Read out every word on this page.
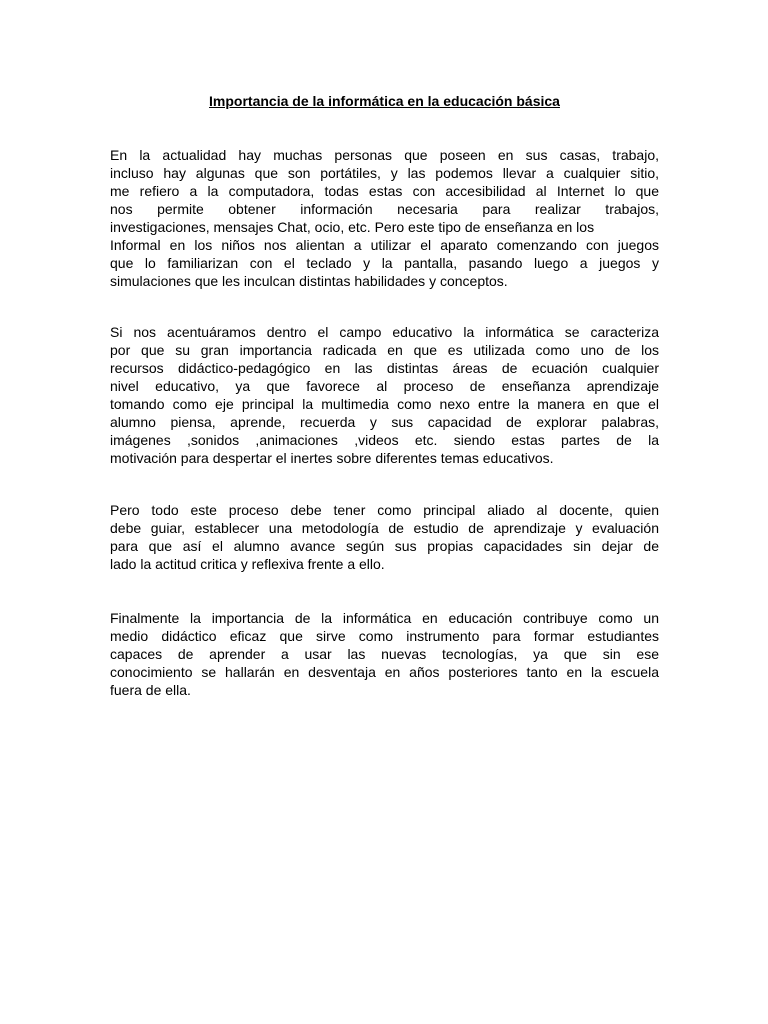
Importancia de la informática en la educación básica
En la actualidad hay muchas personas que poseen en sus casas, trabajo,
incluso hay algunas que son portátiles, y las podemos llevar a cualquier sitio,
me refiero a la computadora, todas estas con accesibilidad al Internet lo que
nos permite obtener información necesaria para realizar trabajos,
investigaciones, mensajes Chat, ocio, etc. Pero este tipo de enseñanza en los
Informal en los niños nos alientan a utilizar el aparato comenzando con juegos
que lo familiarizan con el teclado y la pantalla, pasando luego a juegos y
simulaciones que les inculcan distintas habilidades y conceptos.
Si nos acentuáramos dentro el campo educativo la informática se caracteriza
por que su gran importancia radicada en que es utilizada como uno de los
recursos didáctico-pedagógico en las distintas áreas de ecuación cualquier
nivel educativo, ya que favorece al proceso de enseñanza aprendizaje
tomando como eje principal la multimedia como nexo entre la manera en que el
alumno piensa, aprende, recuerda y sus capacidad de explorar palabras,
imágenes ,sonidos ,animaciones ,videos etc. siendo estas partes de la
motivación para despertar el inertes sobre diferentes temas educativos.
Pero todo este proceso debe tener como principal aliado al docente, quien
debe guiar, establecer una metodología de estudio de aprendizaje y evaluación
para que así el alumno avance según sus propias capacidades sin dejar de
lado la actitud critica y reflexiva frente a ello.
Finalmente la importancia de la informática en educación contribuye como un
medio didáctico eficaz que sirve como instrumento para formar estudiantes
capaces de aprender a usar las nuevas tecnologías, ya que sin ese
conocimiento se hallarán en desventaja en años posteriores tanto en la escuela
fuera de ella.
